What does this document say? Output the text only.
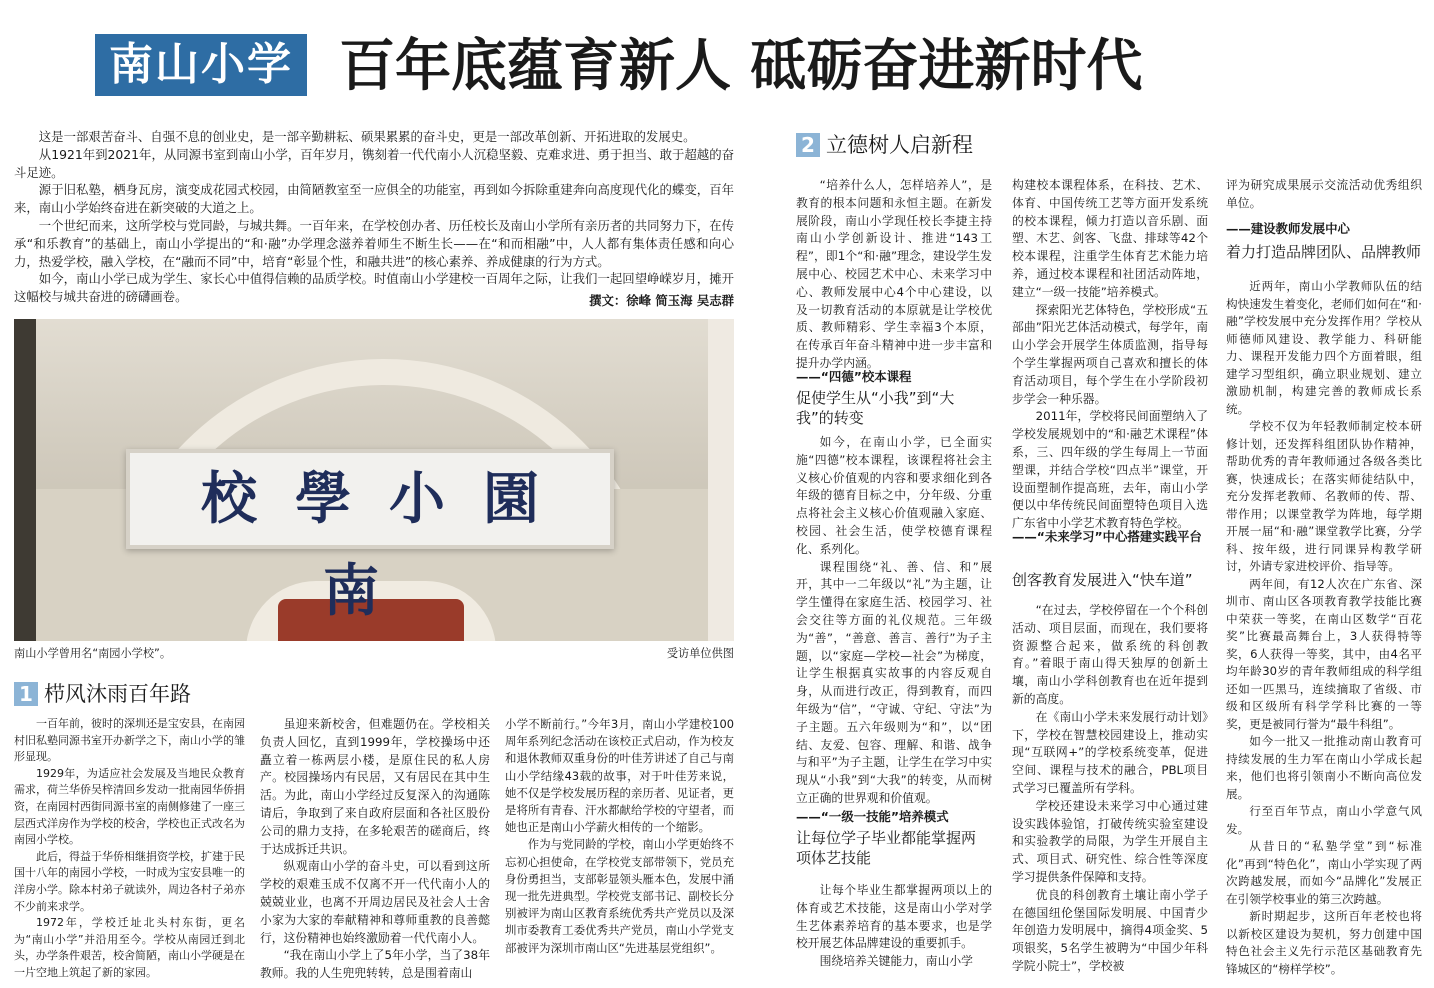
南山小学 百年底蕴育新人 砥砺奋进新时代

这是一部艰苦奋斗、自强不息的创业史，是一部辛勤耕耘、硕果累累的奋斗史，更是一部改革创新、开拓进取的发展史。

从1921年到2021年，从同源书室到南山小学，百年岁月，镌刻着一代代南小人沉稳坚毅、克难求进、勇于担当、敢于超越的奋斗足迹。

源于旧私塾，栖身瓦房，演变成花园式校园，由简陋教室至一应俱全的功能室，再到如今拆除重建奔向高度现代化的蝶变，百年来，南山小学始终奋进在新突破的大道之上。

一个世纪而来，这所学校与党同龄，与城共舞。一百年来，在学校创办者、历任校长及南山小学所有亲历者的共同努力下，在传承“和乐教育”的基础上，南山小学提出的“和·融”办学理念滋养着师生不断生长——在“和而相融”中，人人都有集体责任感和向心力，热爱学校，融入学校，在“融而不同”中，培育“彰显个性，和融共进”的核心素养、养成健康的行为方式。

如今，南山小学已成为学生、家长心中值得信赖的品质学校。时值南山小学建校一百周年之际，让我们一起回望峥嵘岁月，摊开这幅校与城共奋进的磅礴画卷。	撰文：徐峰 简玉海 吴志群
校學小園南
南山小学曾用名“南园小学校”。	受访单位供图
1 栉风沐雨百年路

一百年前，彼时的深圳还是宝安县，在南园村旧私塾同源书室开办新学之下，南山小学的雏形显现。

1929年，为适应社会发展及当地民众教育需求，荷兰华侨吴梓清回乡发动一批南园华侨捐资，在南园村西街同源书室的南侧修建了一座三层西式洋房作为学校的校舍，学校也正式改名为南园小学校。

此后，得益于华侨相继捐资学校，扩建于民国十八年的南园小学校，一时成为宝安县唯一的洋房小学。除本村弟子就读外，周边各村子弟亦不少前来求学。

1972年，学校迁址北头村东街，更名为“南山小学”并沿用至今。学校从南园迁到北头，办学条件艰苦，校舍简陋，南山小学硬是在一片空地上筑起了新的家园。

虽迎来新校舍，但难题仍在。学校相关负责人回忆，直到1999年，学校操场中还矗立着一栋两层小楼，是原住民的私人房产。校园操场内有民居，又有居民在其中生活。为此，南山小学经过反复深入的沟通陈请后，争取到了来自政府层面和各社区股份公司的鼎力支持，在多轮艰苦的磋商后，终于达成拆迁共识。

纵观南山小学的奋斗史，可以看到这所学校的艰难玉成不仅离不开一代代南小人的兢兢业业，也离不开周边居民及社会人士舍小家为大家的奉献精神和尊师重教的良善懿行，这份精神也始终激励着一代代南小人。

“我在南山小学上了5年小学，当了38年教师。我的人生兜兜转转，总是围着南山

小学不断前行。”今年3月，南山小学建校100周年系列纪念活动在该校正式启动，作为校友和退休教师双重身份的叶佳芳讲述了自己与南山小学结缘43载的故事，对于叶佳芳来说，她不仅是学校发展历程的亲历者、见证者，更是将所有青春、汗水都献给学校的守望者，而她也正是南山小学薪火相传的一个缩影。

作为与党同龄的学校，南山小学更始终不忘初心担使命，在学校党支部带领下，党员充身份勇担当，支部彰显领头雁本色，发展中涌现一批先进典型。学校党支部书记、副校长分别被评为南山区教育系统优秀共产党员以及深圳市委教育工委优秀共产党员，南山小学党支部被评为深圳市南山区“先进基层党组织”。

2 立德树人启新程

“培养什么人，怎样培养人”，是教育的根本问题和永恒主题。在新发展阶段，南山小学现任校长李捷主持南山小学创新设计、推进“143工程”，即1个“和·融”理念，建设学生发展中心、校园艺术中心、未来学习中心、教师发展中心4个中心建设，以及一切教育活动的本原就是让学校优质、教师精彩、学生幸福3个本原，在传承百年奋斗精神中进一步丰富和提升办学内涵。

——“四德”校本课程
促使学生从“小我”到“大我”的转变

如今，在南山小学，已全面实施“四德”校本课程，该课程将社会主义核心价值观的内容和要求细化到各年级的德育目标之中，分年级、分重点将社会主义核心价值观融入家庭、校园、社会生活，使学校德育课程化、系列化。

课程围绕“礼、善、信、和”展开，其中一二年级以“礼”为主题，让学生懂得在家庭生活、校园学习、社会交往等方面的礼仪规范。三年级为“善”，“善意、善言、善行”为子主题，以“家庭—学校—社会”为梯度，让学生根据真实故事的内容反观自身，从而进行改正，得到教育，而四年级为“信”，“守诚、守纪、守法”为子主题。五六年级则为“和”，以“团结、友爱、包容、理解、和谐、战争与和平”为子主题，让学生在学习中实现从“小我”到“大我”的转变，从而树立正确的世界观和价值观。

——“一级一技能”培养模式
让每位学子毕业都能掌握两项体艺技能

让每个毕业生都掌握两项以上的体育或艺术技能，这是南山小学对学生艺体素养培育的基本要求，也是学校开展艺体品牌建设的重要抓手。

围绕培养关键能力，南山小学

构建校本课程体系，在科技、艺术、体育、中国传统工艺等方面开发系统的校本课程，倾力打造以音乐剧、面塑、木艺、剑客、飞盘、排球等42个校本课程，注重学生体育艺术能力培养，通过校本课程和社团活动阵地，建立“一级一技能”培养模式。

探索阳光艺体特色，学校形成“五部曲”阳光艺体活动模式，每学年，南山小学会开展学生体质监测，指导每个学生掌握两项自己喜欢和擅长的体育活动项目，每个学生在小学阶段初步学会一种乐器。

2011年，学校将民间面塑纳入了学校发展规划中的“和·融艺术课程”体系，三、四年级的学生每周上一节面塑课，并结合学校“四点半”课堂，开设面塑制作提高班，去年，南山小学便以中华传统民间面塑特色项目入选广东省中小学艺术教育特色学校。

——“未来学习”中心搭建实践平台
创客教育发展进入“快车道”

“在过去，学校停留在一个个科创活动、项目层面，而现在，我们要将资源整合起来，做系统的科创教育。”着眼于南山得天独厚的创新土壤，南山小学科创教育也在近年提到新的高度。

在《南山小学未来发展行动计划》下，学校在智慧校园建设上，推动实现“互联网+”的学校系统变革，促进空间、课程与技术的融合，PBL项目式学习已覆盖所有学科。

学校还建设未来学习中心通过建设实践体验馆，打破传统实验室建设和实验教学的局限，为学生开展自主式、项目式、研究性、综合性等深度学习提供条件保障和支持。

优良的科创教育土壤让南小学子在德国纽伦堡国际发明展、中国青少年创造力发明展中，摘得4项金奖、5项银奖，5名学生被聘为“中国少年科学院小院士”，学校被

评为研究成果展示交流活动优秀组织单位。

——建设教师发展中心
着力打造品牌团队、品牌教师

近两年，南山小学教师队伍的结构快速发生着变化，老师们如何在“和·融”学校发展中充分发挥作用？学校从师德师风建设、教学能力、科研能力、课程开发能力四个方面着眼，组建学习型组织，确立职业规划、建立激励机制，构建完善的教师成长系统。

学校不仅为年轻教师制定校本研修计划，还发挥科组团队协作精神，帮助优秀的青年教师通过各级各类比赛，快速成长；在落实师徒结队中，充分发挥老教师、名教师的传、帮、带作用；以课堂教学为阵地，每学期开展一届“和·融”课堂教学比赛，分学科、按年级，进行同课异构教学研讨，外请专家进校评价、指导等。

两年间，有12人次在广东省、深圳市、南山区各项教育教学技能比赛中荣获一等奖，在南山区数学“百花奖”比赛最高舞台上，3人获得特等奖，6人获得一等奖，其中，由4名平均年龄30岁的青年教师组成的科学组还如一匹黑马，连续摘取了省级、市级和区级所有科学学科比赛的一等奖，更是被同行誉为“最牛科组”。

如今一批又一批推动南山教育可持续发展的生力军在南山小学成长起来，他们也将引领南小不断向高位发展。

行至百年节点，南山小学意气风发。

从昔日的“私塾学堂”到“标准化”再到“特色化”，南山小学实现了两次跨越发展，而如今“品牌化”发展正在引领学校事业的第三次跨越。

新时期起步，这所百年老校也将以新校区建设为契机，努力创建中国特色社会主义先行示范区基础教育先锋城区的“榜样学校”。
